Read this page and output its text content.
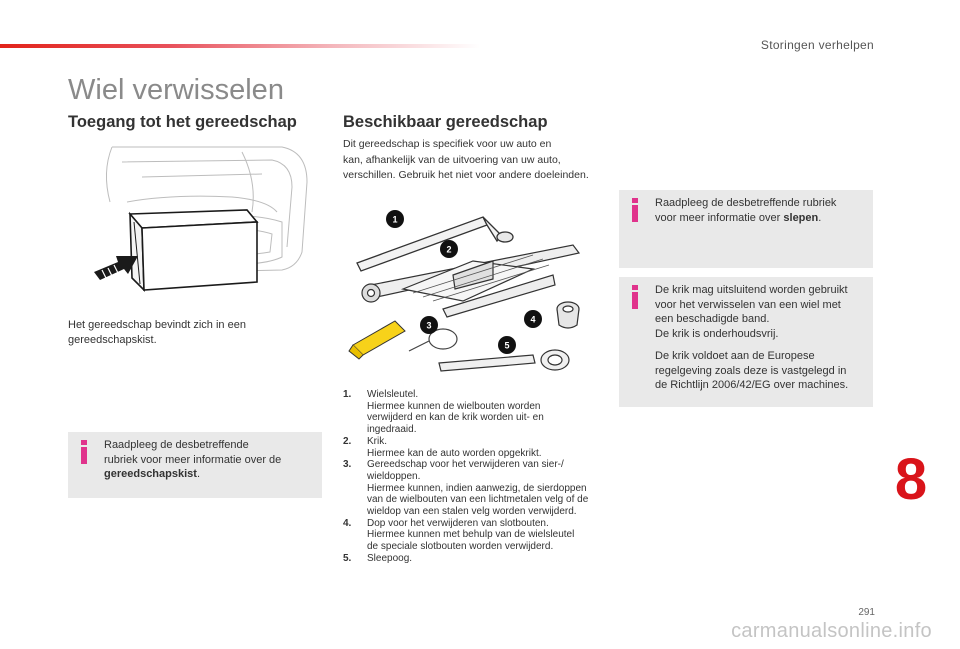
Storingen verhelpen
Wiel verwisselen
Toegang tot het gereedschap
Het gereedschap bevindt zich in een
gereedschapskist.
Raadpleeg de desbetreffende
rubriek voor meer informatie over de
gereedschapskist.
Beschikbaar gereedschap
Dit gereedschap is specifiek voor uw auto en
kan, afhankelijk van de uitvoering van uw auto,
verschillen. Gebruik het niet voor andere doeleinden.
1
2
3
4
5
1.	Wielsleutel.
Hiermee kunnen de wielbouten worden
verwijderd en kan de krik worden uit- en
ingedraaid.
2.	Krik.
Hiermee kan de auto worden opgekrikt.
3.	Gereedschap voor het verwijderen van sier-/
wieldoppen.
Hiermee kunnen, indien aanwezig, de sierdoppen
van de wielbouten van een lichtmetalen velg of de
wieldop van een stalen velg worden verwijderd.
4.	Dop voor het verwijderen van slotbouten.
Hiermee kunnen met behulp van de wielsleutel
de speciale slotbouten worden verwijderd.
5.	Sleepoog.
Raadpleeg de desbetreffende rubriek
voor meer informatie over slepen.
De krik mag uitsluitend worden gebruikt
voor het verwisselen van een wiel met
een beschadigde band.
De krik is onderhoudsvrij.
De krik voldoet aan de Europese
regelgeving zoals deze is vastgelegd in
de Richtlijn 2006/42/EG over machines.
8
291
carmanualsonline.info
